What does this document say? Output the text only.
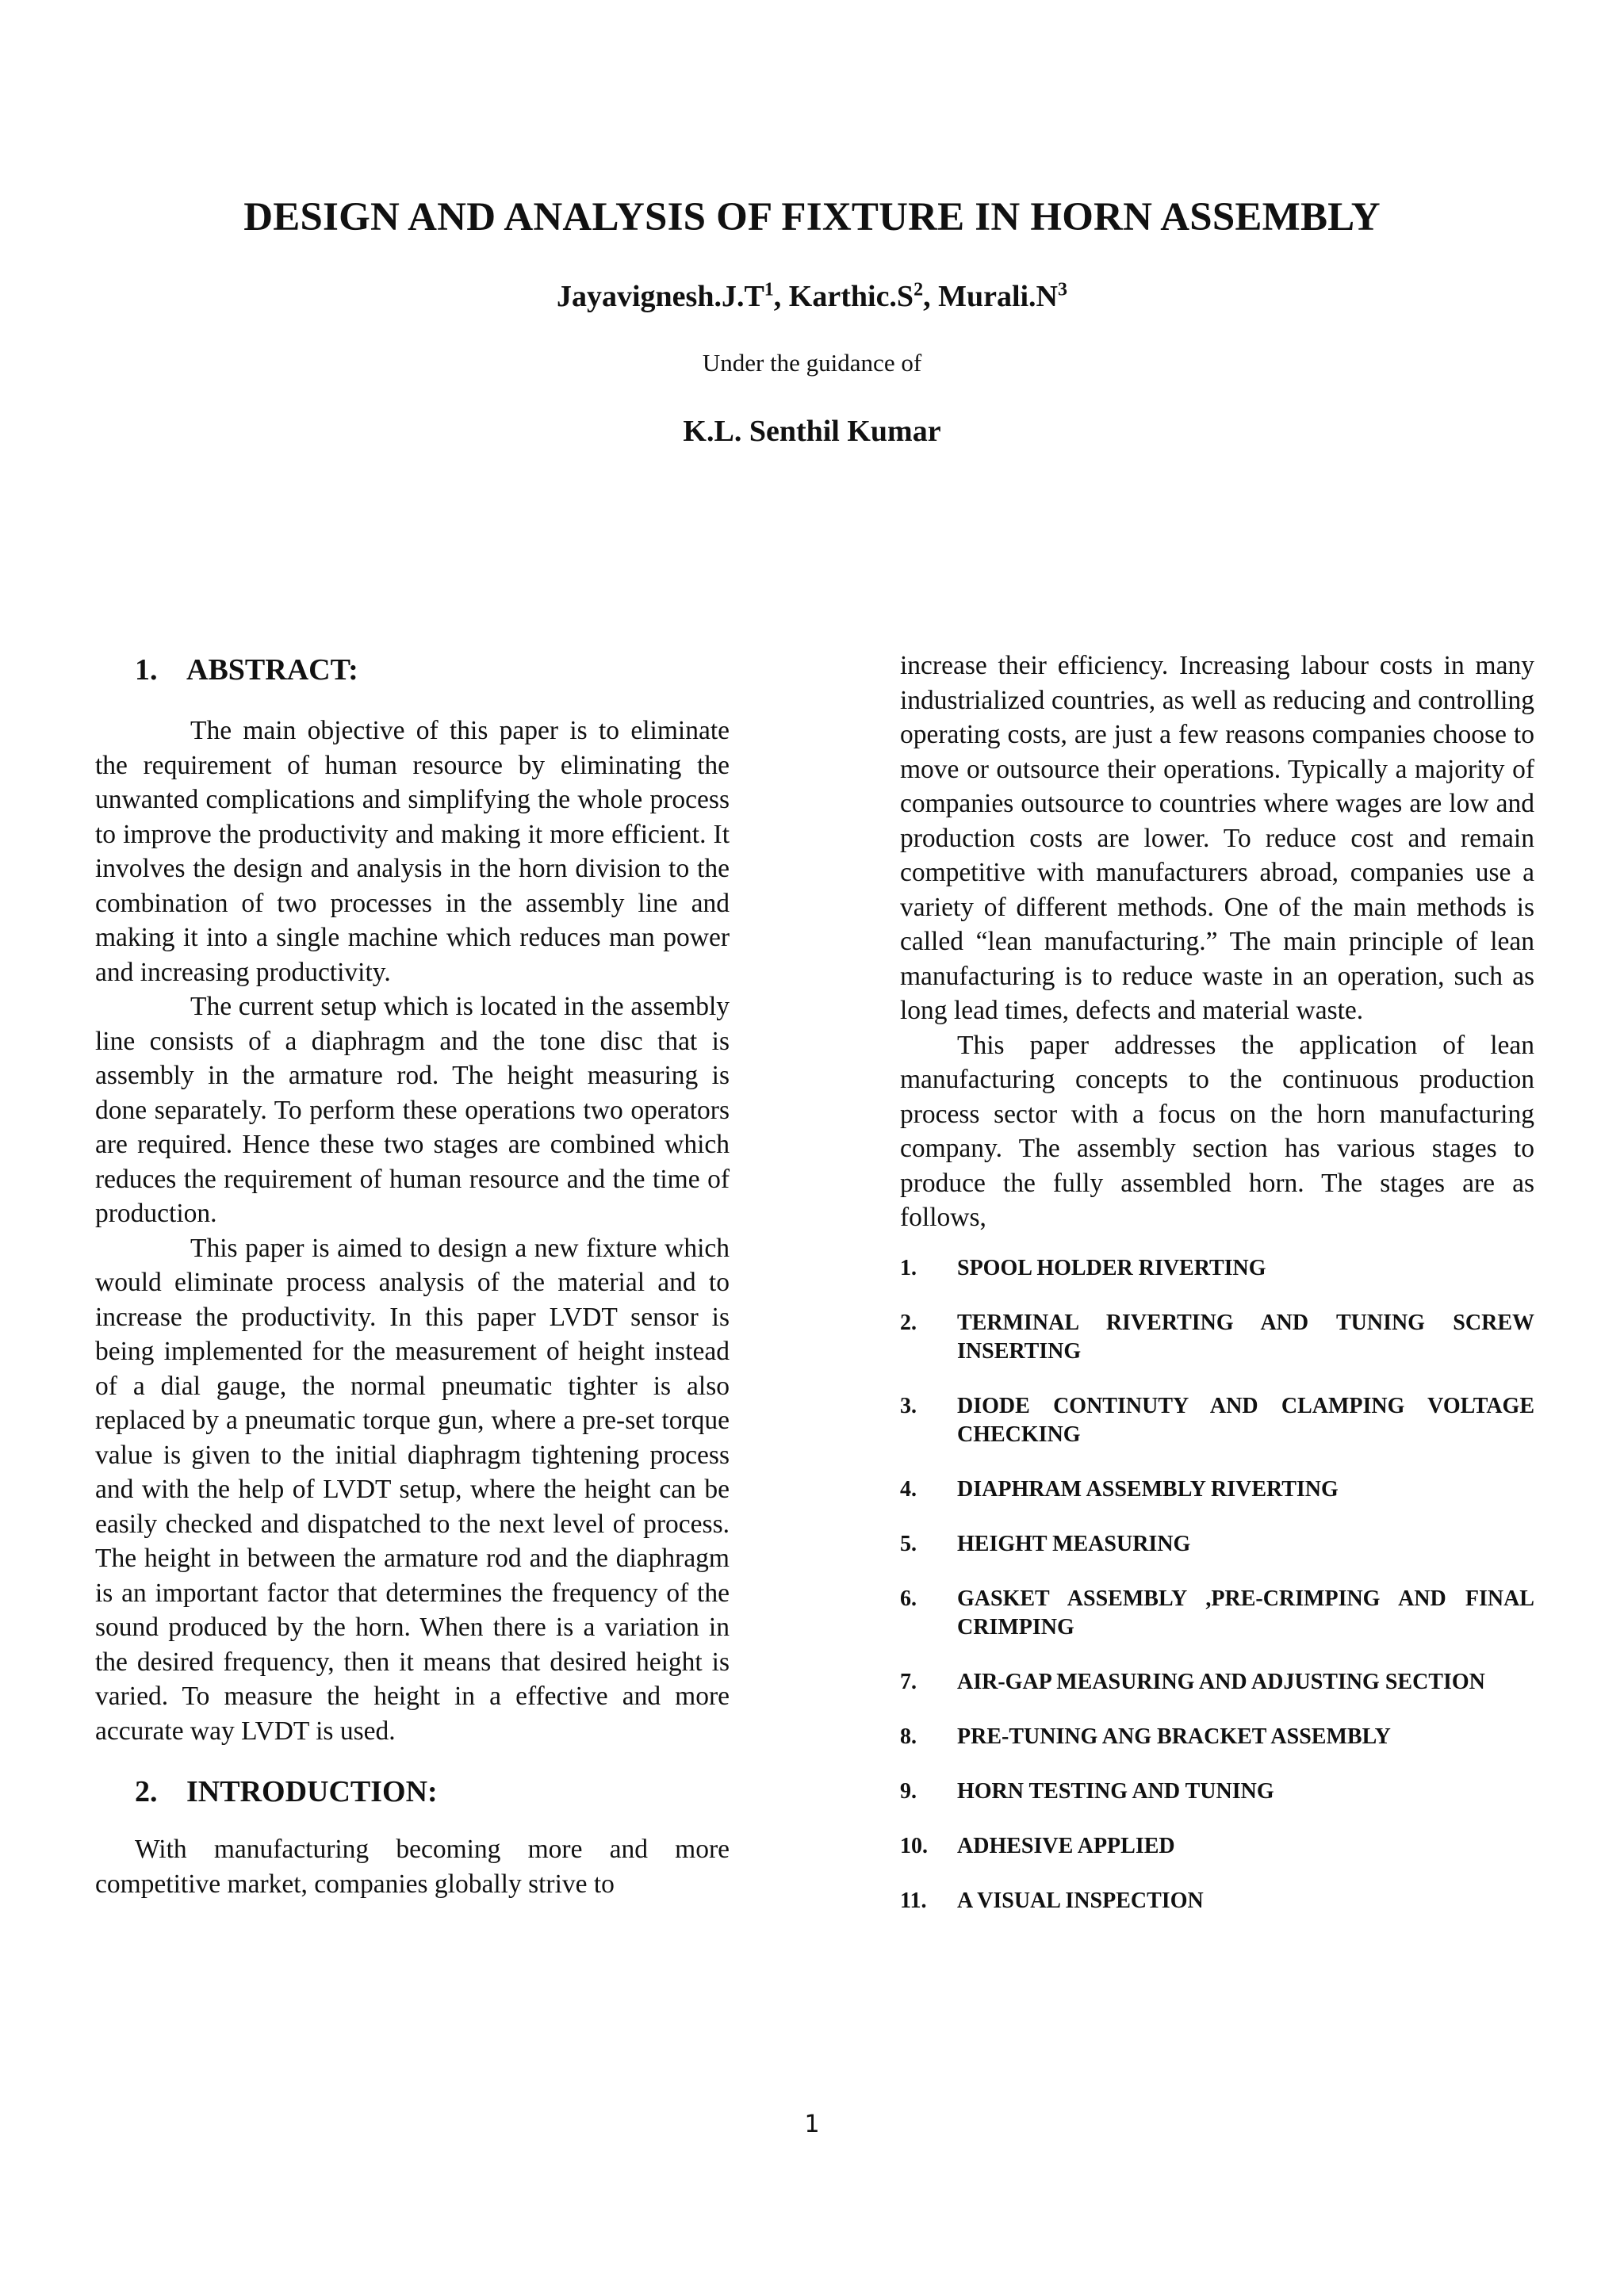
DESIGN AND ANALYSIS OF FIXTURE IN HORN ASSEMBLY
$Jayavignesh.J.T^1$, $Karthic.S^2$, $Murali.N^3$
Under the guidance of
K.L. Senthil Kumar
1. ABSTRACT:

The main objective of this paper is to eliminate the requirement of human resource by eliminating the unwanted complications and simplifying the whole process to improve the productivity and making it more efficient. It involves the design and analysis in the horn division to the combination of two processes in the assembly line and making it into a single machine which reduces man power and increasing productivity.

The current setup which is located in the assembly line consists of a diaphragm and the tone disc that is assembly in the armature rod. The height measuring is done separately. To perform these operations two operators are required. Hence these two stages are combined which reduces the requirement of human resource and the time of production.

This paper is aimed to design a new fixture which would eliminate process analysis of the material and to increase the productivity. In this paper LVDT sensor is being implemented for the measurement of height instead of a dial gauge, the normal pneumatic tighter is also replaced by a pneumatic torque gun, where a pre-set torque value is given to the initial diaphragm tightening process and with the help of LVDT setup, where the height can be easily checked and dispatched to the next level of process. The height in between the armature rod and the diaphragm is an important factor that determines the frequency of the sound produced by the horn. When there is a variation in the desired frequency, then it means that desired height is varied. To measure the height in a effective and more accurate way LVDT is used.

2. INTRODUCTION:

With manufacturing becoming more and more competitive market, companies globally strive to

increase their efficiency. Increasing labour costs in many industrialized countries, as well as reducing and controlling operating costs, are just a few reasons companies choose to move or outsource their operations. Typically a majority of companies outsource to countries where wages are low and production costs are lower. To reduce cost and remain competitive with manufacturers abroad, companies use a variety of different methods. One of the main methods is called “lean manufacturing.” The main principle of lean manufacturing is to reduce waste in an operation, such as long lead times, defects and material waste.

This paper addresses the application of lean manufacturing concepts to the continuous production process sector with a focus on the horn manufacturing company. The assembly section has various stages to produce the fully assembled horn. The stages are as follows,

1.	SPOOL HOLDER RIVERTING
2.	TERMINAL RIVERTING AND TUNING SCREW INSERTING
3.	DIODE CONTINUTY AND CLAMPING VOLTAGE CHECKING
4.	DIAPHRAM ASSEMBLY RIVERTING
5.	HEIGHT MEASURING
6.	GASKET ASSEMBLY ,PRE-CRIMPING AND FINAL CRIMPING
7.	AIR-GAP MEASURING AND ADJUSTING SECTION
8.	PRE-TUNING ANG BRACKET ASSEMBLY
9.	HORN TESTING AND TUNING
10.	ADHESIVE APPLIED
11.	A VISUAL INSPECTION
1
